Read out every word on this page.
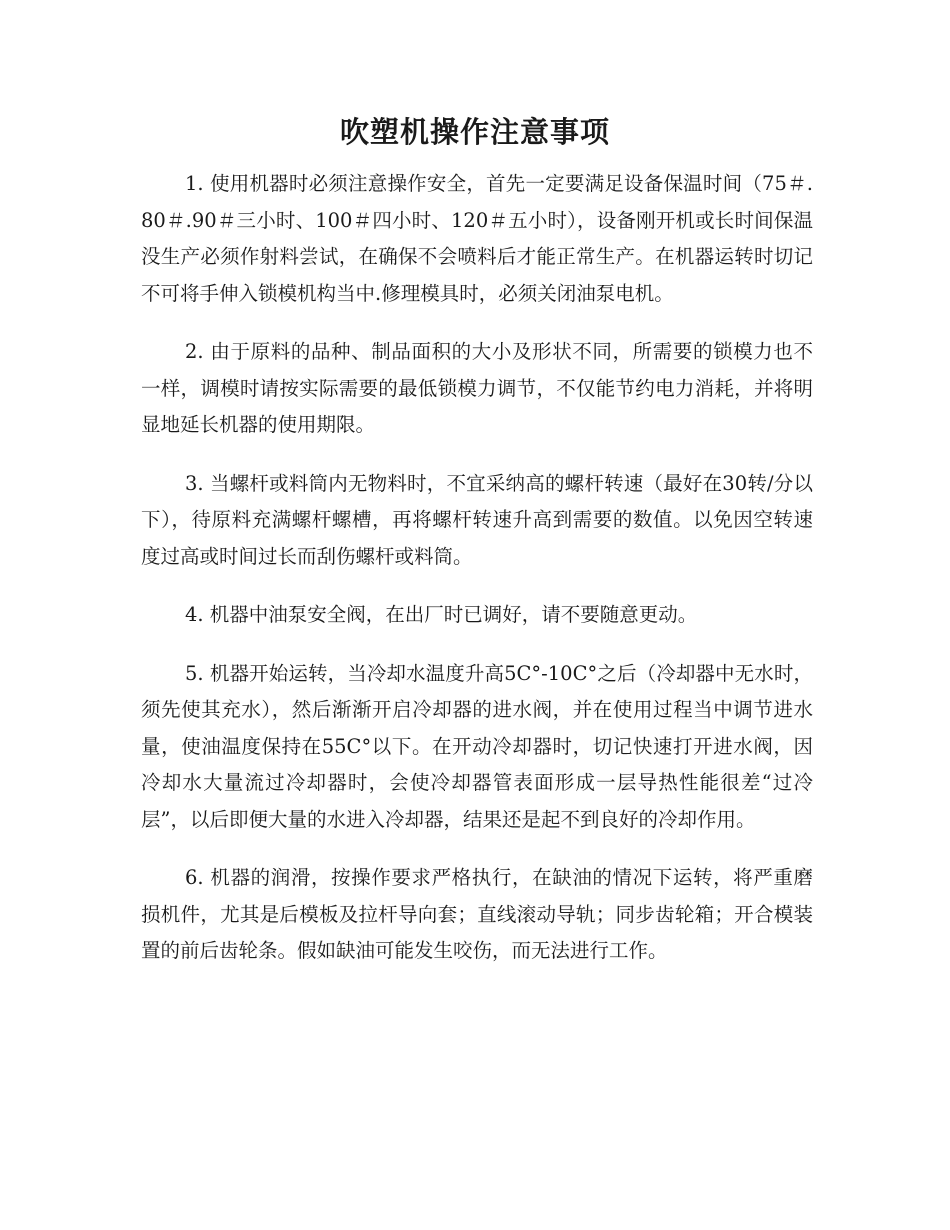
吹塑机操作注意事项

1. 使用机器时必须注意操作安全，首先一定要满足设备保温时间（75＃.80＃.90＃三小时、100＃四小时、120＃五小时），设备刚开机或长时间保温没生产必须作射料尝试，在确保不会喷料后才能正常生产。在机器运转时切记不可将手伸入锁模机构当中.修理模具时，必须关闭油泵电机。

2. 由于原料的品种、制品面积的大小及形状不同，所需要的锁模力也不一样，调模时请按实际需要的最低锁模力调节，不仅能节约电力消耗，并将明显地延长机器的使用期限。

3. 当螺杆或料筒内无物料时，不宜采纳高的螺杆转速（最好在30转/分以下），待原料充满螺杆螺槽，再将螺杆转速升高到需要的数值。以免因空转速度过高或时间过长而刮伤螺杆或料筒。

4. 机器中油泵安全阀，在出厂时已调好，请不要随意更动。

5. 机器开始运转，当冷却水温度升高5C°-10C°之后（冷却器中无水时，须先使其充水），然后渐渐开启冷却器的进水阀，并在使用过程当中调节进水量，使油温度保持在55C°以下。在开动冷却器时，切记快速打开进水阀，因冷却水大量流过冷却器时，会使冷却器管表面形成一层导热性能很差“过冷层”，以后即便大量的水进入冷却器，结果还是起不到良好的冷却作用。

6. 机器的润滑，按操作要求严格执行，在缺油的情况下运转，将严重磨损机件，尤其是后模板及拉杆导向套；直线滚动导轨；同步齿轮箱；开合模装置的前后齿轮条。假如缺油可能发生咬伤，而无法进行工作。
